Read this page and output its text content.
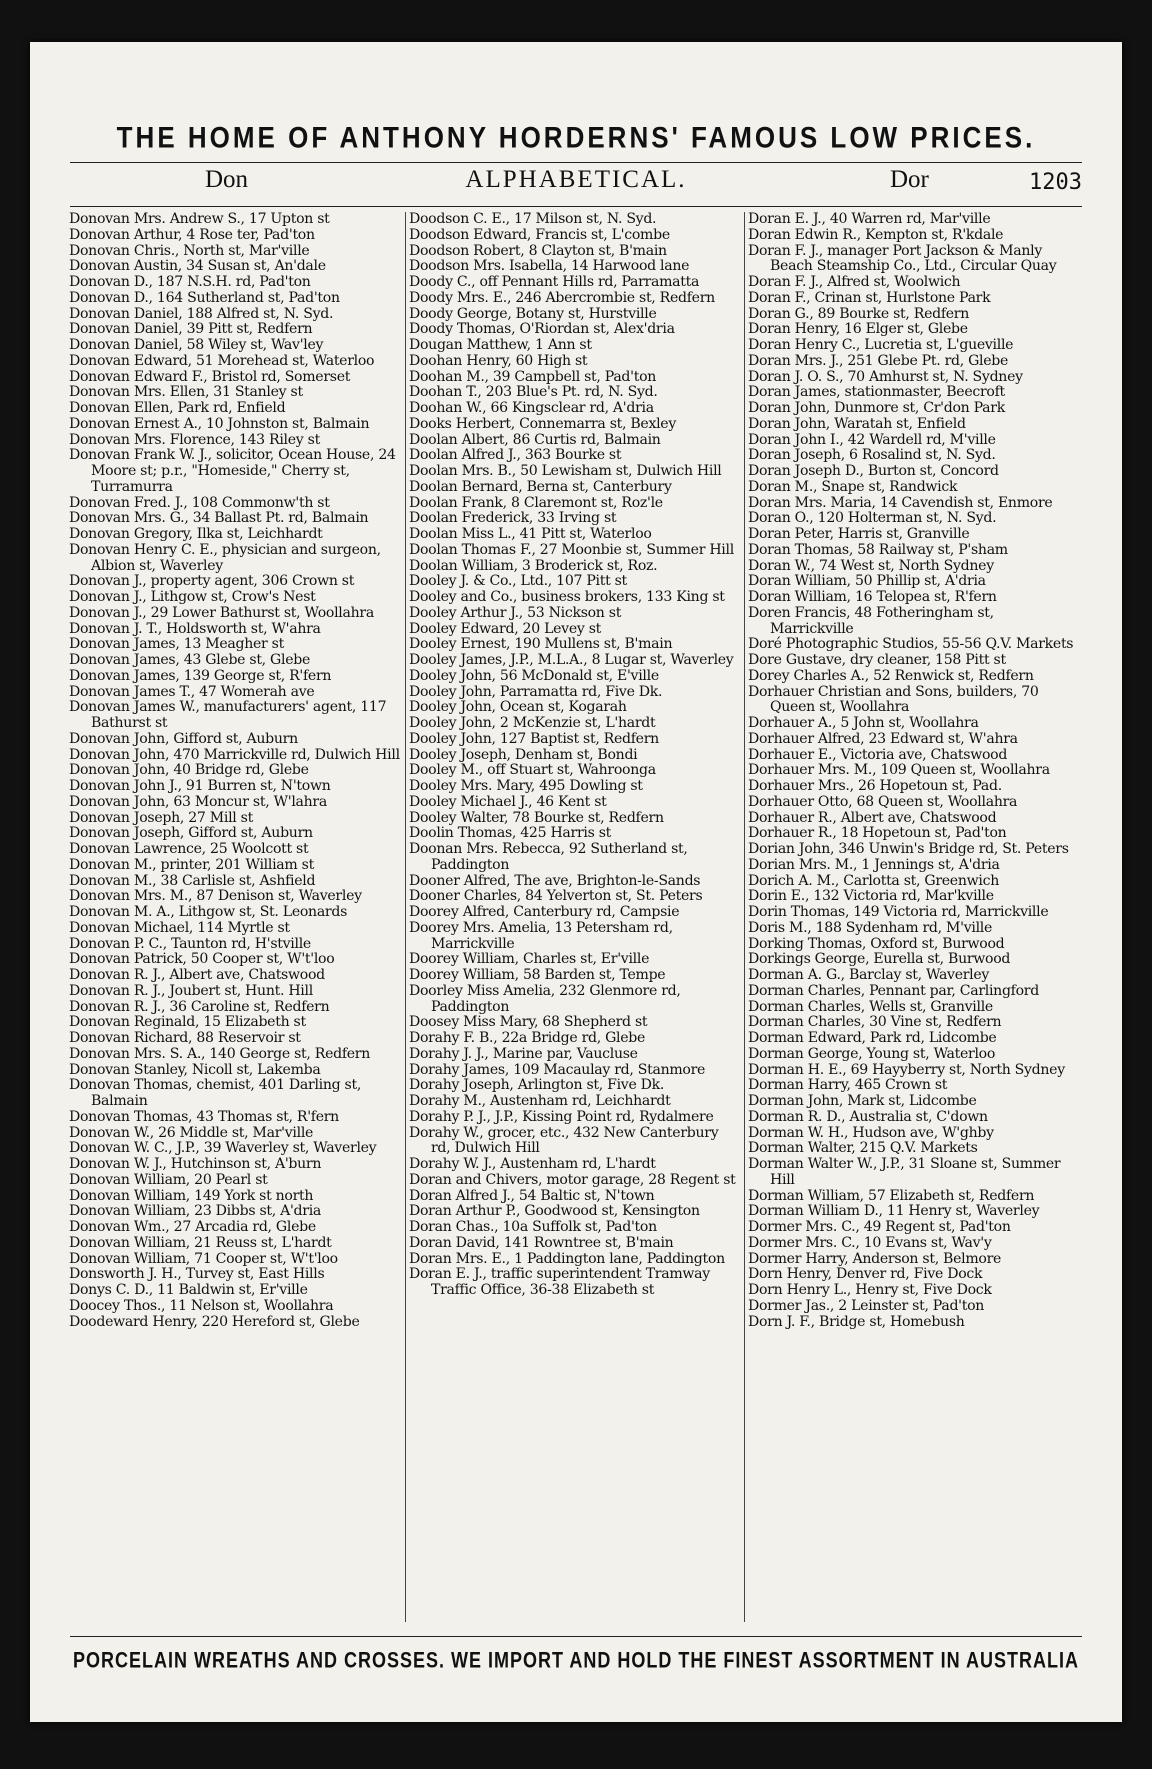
THE HOME OF ANTHONY HORDERNS' FAMOUS LOW PRICES.
Don	ALPHABETICAL.	Dor	1203
Donovan Mrs. Andrew S., 17 Upton st
Donovan Arthur, 4 Rose ter, Pad'ton
Donovan Chris., North st, Mar'ville
Donovan Austin, 34 Susan st, An'dale
Donovan D., 187 N.S.H. rd, Pad'ton
Donovan D., 164 Sutherland st, Pad'ton
Donovan Daniel, 188 Alfred st, N. Syd.
Donovan Daniel, 39 Pitt st, Redfern
Donovan Daniel, 58 Wiley st, Wav'ley
Donovan Edward, 51 Morehead st, Waterloo
Donovan Edward F., Bristol rd, Somerset
Donovan Mrs. Ellen, 31 Stanley st
Donovan Ellen, Park rd, Enfield
Donovan Ernest A., 10 Johnston st, Balmain
Donovan Mrs. Florence, 143 Riley st
Donovan Frank W. J., solicitor, Ocean House, 24 Moore st; p.r., "Homeside," Cherry st, Turramurra
Donovan Fred. J., 108 Commonw'th st
Donovan Mrs. G., 34 Ballast Pt. rd, Balmain
Donovan Gregory, Ilka st, Leichhardt
Donovan Henry C. E., physician and surgeon, Albion st, Waverley
Donovan J., property agent, 306 Crown st
Donovan J., Lithgow st, Crow's Nest
Donovan J., 29 Lower Bathurst st, Woollahra
Donovan J. T., Holdsworth st, W'ahra
Donovan James, 13 Meagher st
Donovan James, 43 Glebe st, Glebe
Donovan James, 139 George st, R'fern
Donovan James T., 47 Womerah ave
Donovan James W., manufacturers' agent, 117 Bathurst st
Donovan John, Gifford st, Auburn
Donovan John, 470 Marrickville rd, Dulwich Hill
Donovan John, 40 Bridge rd, Glebe
Donovan John J., 91 Burren st, N'town
Donovan John, 63 Moncur st, W'lahra
Donovan Joseph, 27 Mill st
Donovan Joseph, Gifford st, Auburn
Donovan Lawrence, 25 Woolcott st
Donovan M., printer, 201 William st
Donovan M., 38 Carlisle st, Ashfield
Donovan Mrs. M., 87 Denison st, Waverley
Donovan M. A., Lithgow st, St. Leonards
Donovan Michael, 114 Myrtle st
Donovan P. C., Taunton rd, H'stville
Donovan Patrick, 50 Cooper st, W't'loo
Donovan R. J., Albert ave, Chatswood
Donovan R. J., Joubert st, Hunt. Hill
Donovan R. J., 36 Caroline st, Redfern
Donovan Reginald, 15 Elizabeth st
Donovan Richard, 88 Reservoir st
Donovan Mrs. S. A., 140 George st, Redfern
Donovan Stanley, Nicoll st, Lakemba
Donovan Thomas, chemist, 401 Darling st, Balmain
Donovan Thomas, 43 Thomas st, R'fern
Donovan W., 26 Middle st, Mar'ville
Donovan W. C., J.P., 39 Waverley st, Waverley
Donovan W. J., Hutchinson st, A'burn
Donovan William, 20 Pearl st
Donovan William, 149 York st north
Donovan William, 23 Dibbs st, A'dria
Donovan Wm., 27 Arcadia rd, Glebe
Donovan William, 21 Reuss st, L'hardt
Donovan William, 71 Cooper st, W't'loo
Donsworth J. H., Turvey st, East Hills
Donys C. D., 11 Baldwin st, Er'ville
Doocey Thos., 11 Nelson st, Woollahra
Doodeward Henry, 220 Hereford st, Glebe
Doodson C. E., 17 Milson st, N. Syd.
Doodson Edward, Francis st, L'combe
Doodson Robert, 8 Clayton st, B'main
Doodson Mrs. Isabella, 14 Harwood lane
Doody C., off Pennant Hills rd, Parramatta
Doody Mrs. E., 246 Abercrombie st, Redfern
Doody George, Botany st, Hurstville
Doody Thomas, O'Riordan st, Alex'dria
Dougan Matthew, 1 Ann st
Doohan Henry, 60 High st
Doohan M., 39 Campbell st, Pad'ton
Doohan T., 203 Blue's Pt. rd, N. Syd.
Doohan W., 66 Kingsclear rd, A'dria
Dooks Herbert, Connemarra st, Bexley
Doolan Albert, 86 Curtis rd, Balmain
Doolan Alfred J., 363 Bourke st
Doolan Mrs. B., 50 Lewisham st, Dulwich Hill
Doolan Bernard, Berna st, Canterbury
Doolan Frank, 8 Claremont st, Roz'le
Doolan Frederick, 33 Irving st
Doolan Miss L., 41 Pitt st, Waterloo
Doolan Thomas F., 27 Moonbie st, Summer Hill
Doolan William, 3 Broderick st, Roz.
Dooley J. & Co., Ltd., 107 Pitt st
Dooley and Co., business brokers, 133 King st
Dooley Arthur J., 53 Nickson st
Dooley Edward, 20 Levey st
Dooley Ernest, 190 Mullens st, B'main
Dooley James, J.P., M.L.A., 8 Lugar st, Waverley
Dooley John, 56 McDonald st, E'ville
Dooley John, Parramatta rd, Five Dk.
Dooley John, Ocean st, Kogarah
Dooley John, 2 McKenzie st, L'hardt
Dooley John, 127 Baptist st, Redfern
Dooley Joseph, Denham st, Bondi
Dooley M., off Stuart st, Wahroonga
Dooley Mrs. Mary, 495 Dowling st
Dooley Michael J., 46 Kent st
Dooley Walter, 78 Bourke st, Redfern
Doolin Thomas, 425 Harris st
Doonan Mrs. Rebecca, 92 Sutherland st, Paddington
Dooner Alfred, The ave, Brighton-le-Sands
Dooner Charles, 84 Yelverton st, St. Peters
Doorey Alfred, Canterbury rd, Campsie
Doorey Mrs. Amelia, 13 Petersham rd, Marrickville
Doorey William, Charles st, Er'ville
Doorey William, 58 Barden st, Tempe
Doorley Miss Amelia, 232 Glenmore rd, Paddington
Doosey Miss Mary, 68 Shepherd st
Dorahy F. B., 22a Bridge rd, Glebe
Dorahy J. J., Marine par, Vaucluse
Dorahy James, 109 Macaulay rd, Stanmore
Dorahy Joseph, Arlington st, Five Dk.
Dorahy M., Austenham rd, Leichhardt
Dorahy P. J., J.P., Kissing Point rd, Rydalmere
Dorahy W., grocer, etc., 432 New Canterbury rd, Dulwich Hill
Dorahy W. J., Austenham rd, L'hardt
Doran and Chivers, motor garage, 28 Regent st
Doran Alfred J., 54 Baltic st, N'town
Doran Arthur P., Goodwood st, Kensington
Doran Chas., 10a Suffolk st, Pad'ton
Doran David, 141 Rowntree st, B'main
Doran Mrs. E., 1 Paddington lane, Paddington
Doran E. J., traffic superintendent Tramway Traffic Office, 36-38 Elizabeth st
Doran E. J., 40 Warren rd, Mar'ville
Doran Edwin R., Kempton st, R'kdale
Doran F. J., manager Port Jackson & Manly Beach Steamship Co., Ltd., Circular Quay
Doran F. J., Alfred st, Woolwich
Doran F., Crinan st, Hurlstone Park
Doran G., 89 Bourke st, Redfern
Doran Henry, 16 Elger st, Glebe
Doran Henry C., Lucretia st, L'gueville
Doran Mrs. J., 251 Glebe Pt. rd, Glebe
Doran J. O. S., 70 Amhurst st, N. Sydney
Doran James, stationmaster, Beecroft
Doran John, Dunmore st, Cr'don Park
Doran John, Waratah st, Enfield
Doran John I., 42 Wardell rd, M'ville
Doran Joseph, 6 Rosalind st, N. Syd.
Doran Joseph D., Burton st, Concord
Doran M., Snape st, Randwick
Doran Mrs. Maria, 14 Cavendish st, Enmore
Doran O., 120 Holterman st, N. Syd.
Doran Peter, Harris st, Granville
Doran Thomas, 58 Railway st, P'sham
Doran W., 74 West st, North Sydney
Doran William, 50 Phillip st, A'dria
Doran William, 16 Telopea st, R'fern
Doren Francis, 48 Fotheringham st, Marrickville
Doré Photographic Studios, 55-56 Q.V. Markets
Dore Gustave, dry cleaner, 158 Pitt st
Dorey Charles A., 52 Renwick st, Redfern
Dorhauer Christian and Sons, builders, 70 Queen st, Woollahra
Dorhauer A., 5 John st, Woollahra
Dorhauer Alfred, 23 Edward st, W'ahra
Dorhauer E., Victoria ave, Chatswood
Dorhauer Mrs. M., 109 Queen st, Woollahra
Dorhauer Mrs., 26 Hopetoun st, Pad.
Dorhauer Otto, 68 Queen st, Woollahra
Dorhauer R., Albert ave, Chatswood
Dorhauer R., 18 Hopetoun st, Pad'ton
Dorian John, 346 Unwin's Bridge rd, St. Peters
Dorian Mrs. M., 1 Jennings st, A'dria
Dorich A. M., Carlotta st, Greenwich
Dorin E., 132 Victoria rd, Mar'kville
Dorin Thomas, 149 Victoria rd, Marrickville
Doris M., 188 Sydenham rd, M'ville
Dorking Thomas, Oxford st, Burwood
Dorkings George, Eurella st, Burwood
Dorman A. G., Barclay st, Waverley
Dorman Charles, Pennant par, Carlingford
Dorman Charles, Wells st, Granville
Dorman Charles, 30 Vine st, Redfern
Dorman Edward, Park rd, Lidcombe
Dorman George, Young st, Waterloo
Dorman H. E., 69 Hayyberry st, North Sydney
Dorman Harry, 465 Crown st
Dorman John, Mark st, Lidcombe
Dorman R. D., Australia st, C'down
Dorman W. H., Hudson ave, W'ghby
Dorman Walter, 215 Q.V. Markets
Dorman Walter W., J.P., 31 Sloane st, Summer Hill
Dorman William, 57 Elizabeth st, Redfern
Dorman William D., 11 Henry st, Waverley
Dormer Mrs. C., 49 Regent st, Pad'ton
Dormer Mrs. C., 10 Evans st, Wav'y
Dormer Harry, Anderson st, Belmore
Dorn Henry, Denver rd, Five Dock
Dorn Henry L., Henry st, Five Dock
Dormer Jas., 2 Leinster st, Pad'ton
Dorn J. F., Bridge st, Homebush
PORCELAIN WREATHS AND CROSSES. WE IMPORT AND HOLD THE FINEST ASSORTMENT IN AUSTRALIA
